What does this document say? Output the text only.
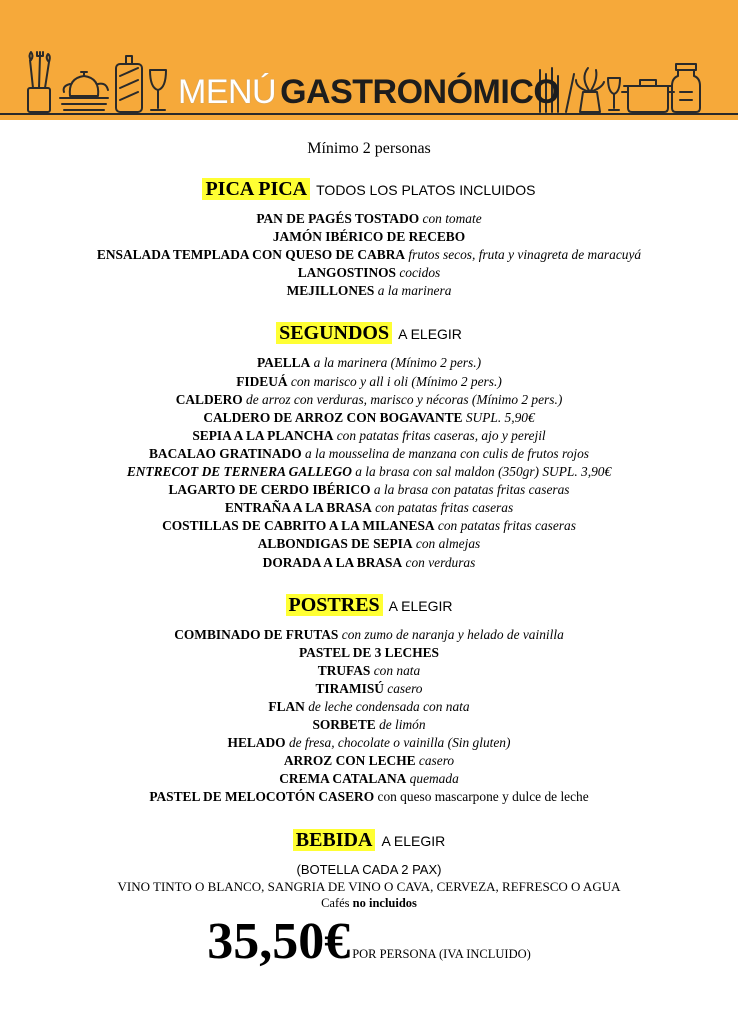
MENÚ GASTRONÓMICO
Mínimo 2 personas
PICA PICA TODOS LOS PLATOS INCLUIDOS
PAN DE PAGÉS TOSTADO con tomate
JAMÓN IBÉRICO DE RECEBO
ENSALADA TEMPLADA CON QUESO DE CABRA frutos secos, fruta y vinagreta de maracuyá
LANGOSTINOS cocidos
MEJILLONES a la marinera
SEGUNDOS A ELEGIR
PAELLA a la marinera (Mínimo 2 pers.)
FIDEUÁ con marisco y all i oli (Mínimo 2 pers.)
CALDERO de arroz con verduras, marisco y nécoras (Mínimo 2 pers.)
CALDERO DE ARROZ CON BOGAVANTE SUPL. 5,90€
SEPIA A LA PLANCHA con patatas fritas caseras, ajo y perejil
BACALAO GRATINADO a la mousselina de manzana con culis de frutos rojos
ENTRECOT DE TERNERA GALLEGO a la brasa con sal maldon (350gr) SUPL. 3,90€
LAGARTO DE CERDO IBÉRICO a la brasa con patatas fritas caseras
ENTRAÑA A LA BRASA con patatas fritas caseras
COSTILLAS DE CABRITO A LA MILANESA con patatas fritas caseras
ALBONDIGAS DE SEPIA con almejas
DORADA A LA BRASA con verduras
POSTRES A ELEGIR
COMBINADO DE FRUTAS con zumo de naranja y helado de vainilla
PASTEL DE 3 LECHES
TRUFAS con nata
TIRAMISÚ casero
FLAN de leche condensada con nata
SORBETE de limón
HELADO de fresa, chocolate o vainilla (Sin gluten)
ARROZ CON LECHE casero
CREMA CATALANA quemada
PASTEL DE MELOCOTÓN CASERO con queso mascarpone y dulce de leche
BEBIDA A ELEGIR
(BOTELLA CADA 2 PAX)
VINO TINTO O BLANCO, SANGRIA DE VINO O CAVA, CERVEZA, REFRESCO O AGUA
Cafés no incluidos
35,50€ POR PERSONA (IVA INCLUIDO)
